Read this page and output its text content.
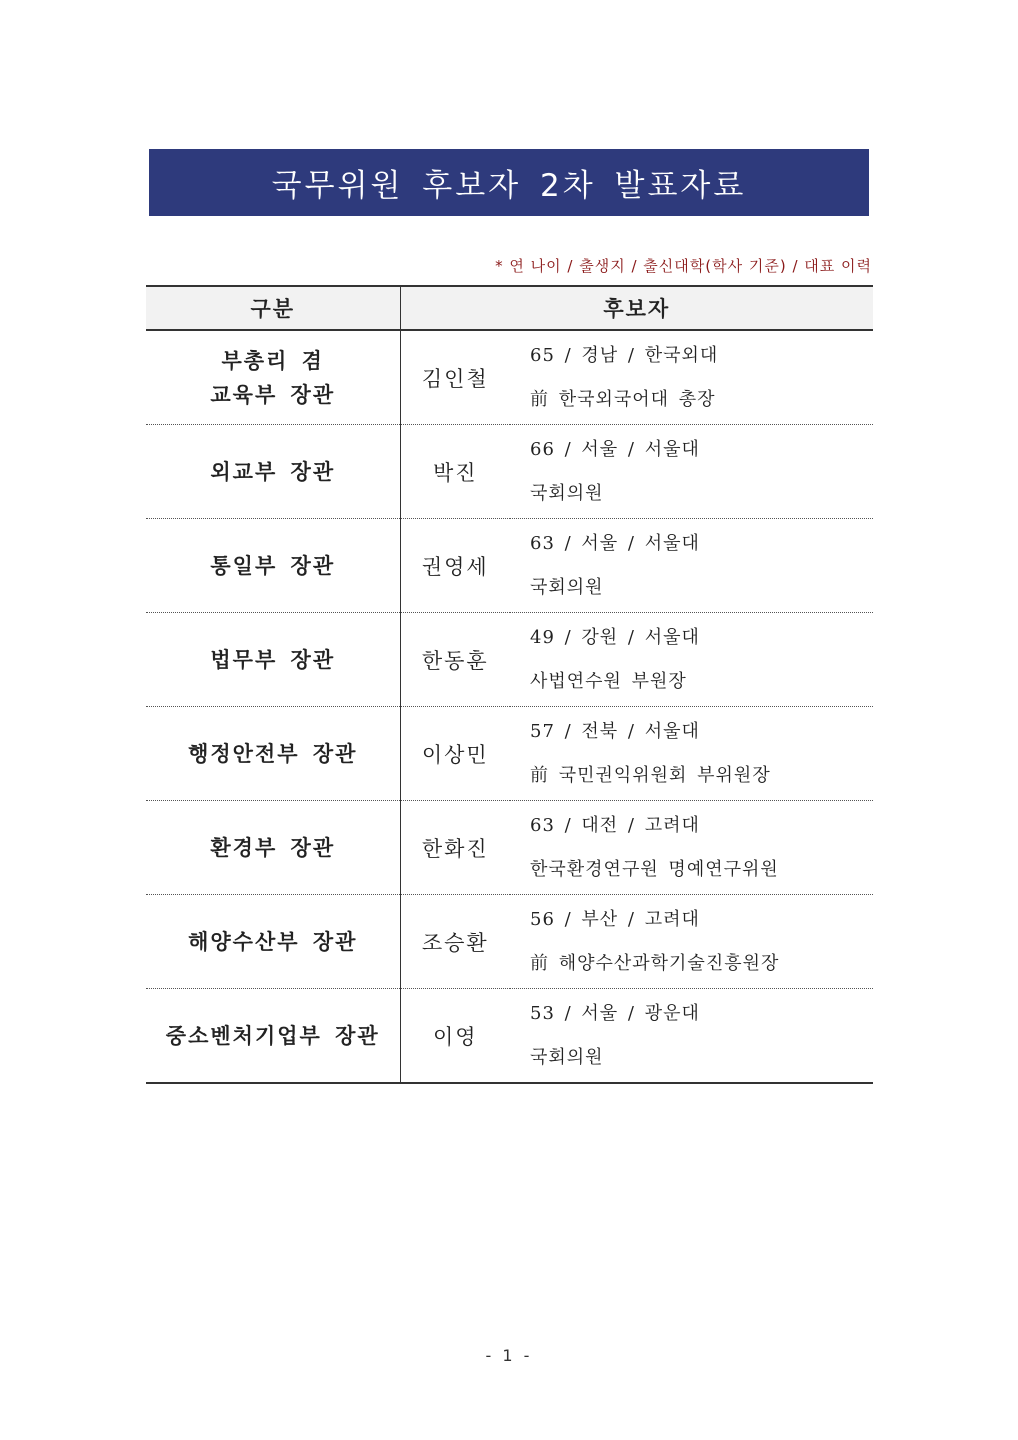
국무위원 후보자 2차 발표자료
* 연 나이 / 출생지 / 출신대학(학사 기준) / 대표 이력
구분	후보자	
부총리 겸
교육부 장관	김인철	65 / 경남 / 한국외대
前 한국외국어대 총장

외교부 장관	박진	66 / 서울 / 서울대
국회의원

통일부 장관	권영세	63 / 서울 / 서울대
국회의원

법무부 장관	한동훈	49 / 강원 / 서울대
사법연수원 부원장

행정안전부 장관	이상민	57 / 전북 / 서울대
前 국민권익위원회 부위원장

환경부 장관	한화진	63 / 대전 / 고려대
한국환경연구원 명예연구위원

해양수산부 장관	조승환	56 / 부산 / 고려대
前 해양수산과학기술진흥원장

중소벤처기업부 장관	이영	53 / 서울 / 광운대
국회의원
- 1 -
